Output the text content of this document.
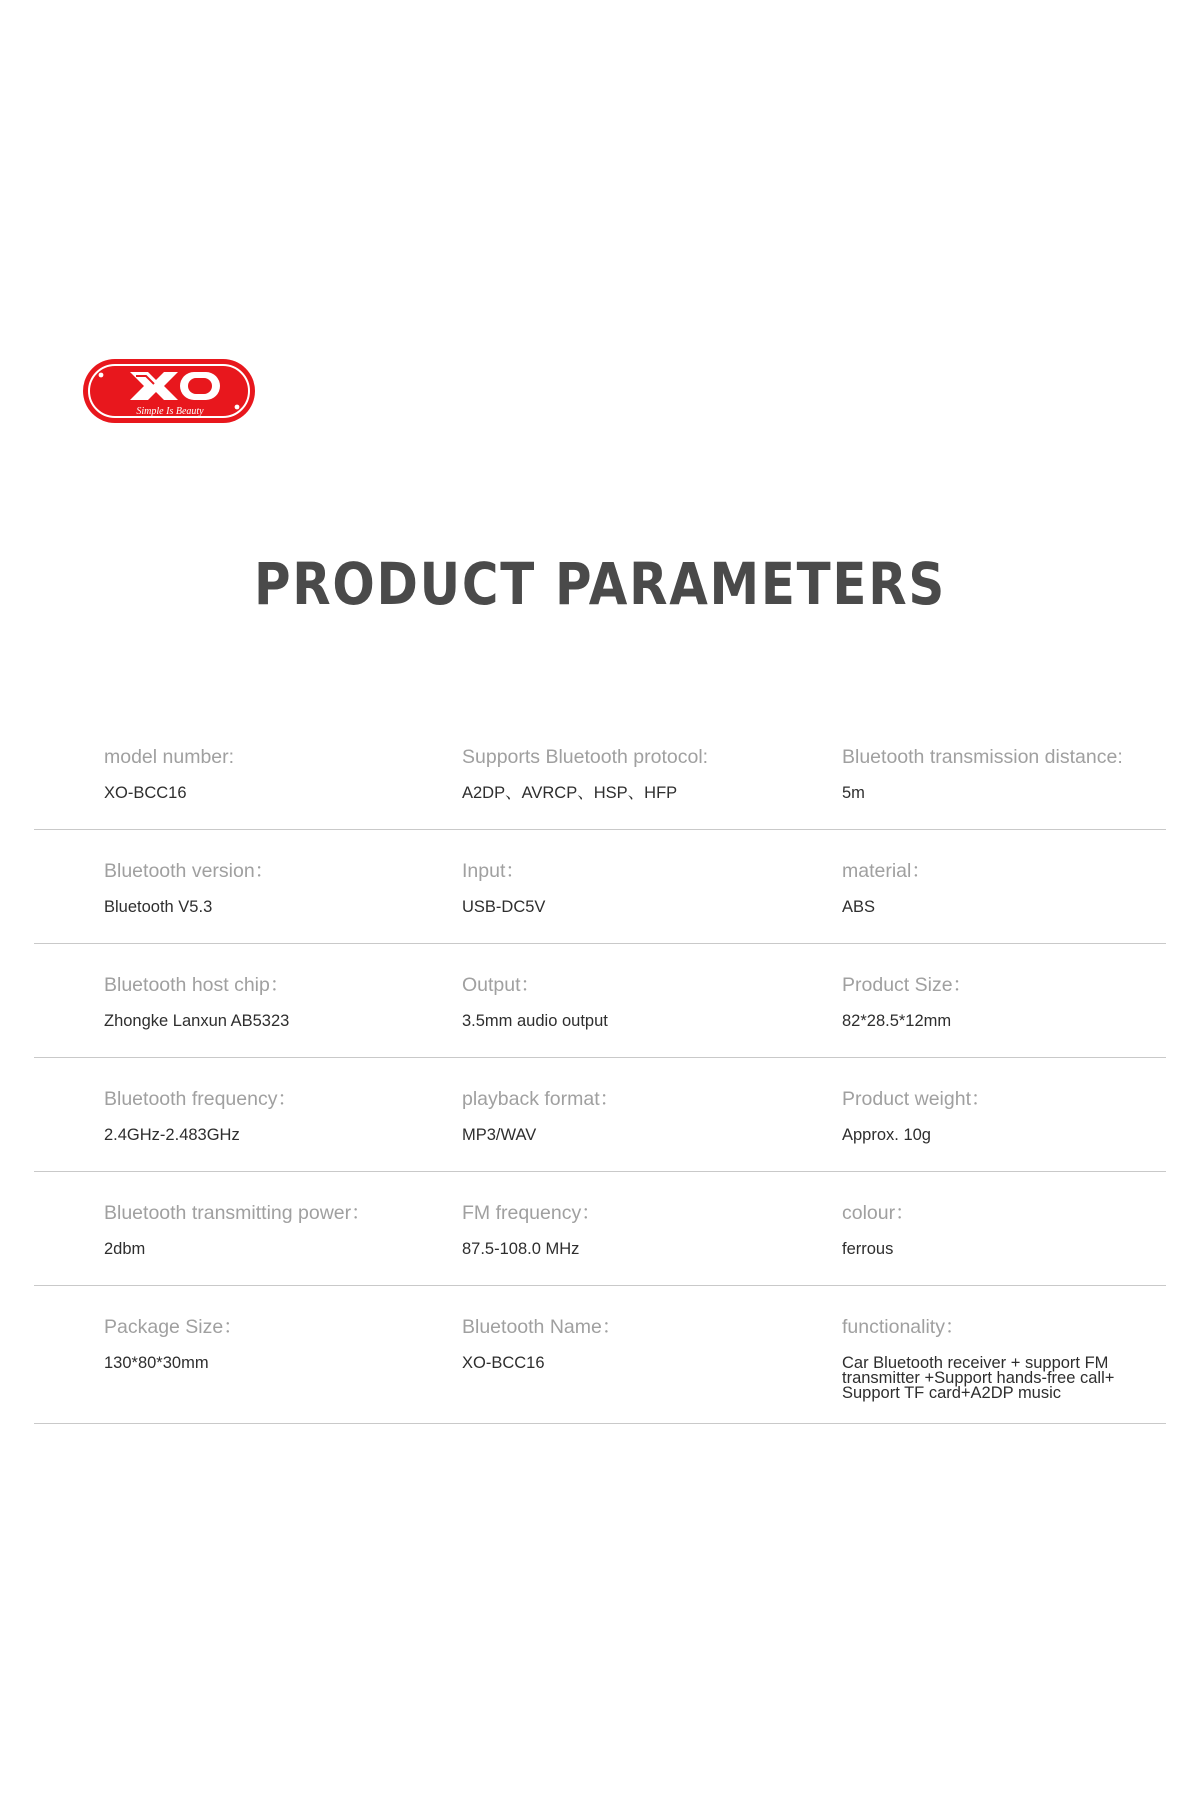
Simple Is Beauty
PRODUCT PARAMETERS
model number:
XO-BCC16
Supports Bluetooth protocol:
A2DP、AVRCP、HSP、HFP
Bluetooth transmission distance:
5m
Bluetooth version：
Bluetooth V5.3
Input：
USB-DC5V
material：
ABS
Bluetooth host chip：
Zhongke Lanxun AB5323
Output：
3.5mm audio output
Product Size：
82*28.5*12mm
Bluetooth frequency：
2.4GHz-2.483GHz
playback format：
MP3/WAV
Product weight：
Approx. 10g
Bluetooth transmitting power：
2dbm
FM frequency：
87.5-108.0 MHz
colour：
ferrous
Package Size：
130*80*30mm
Bluetooth Name：
XO-BCC16
functionality：
Car Bluetooth receiver + support FM transmitter +Support hands-free call+ Support TF card+A2DP music
